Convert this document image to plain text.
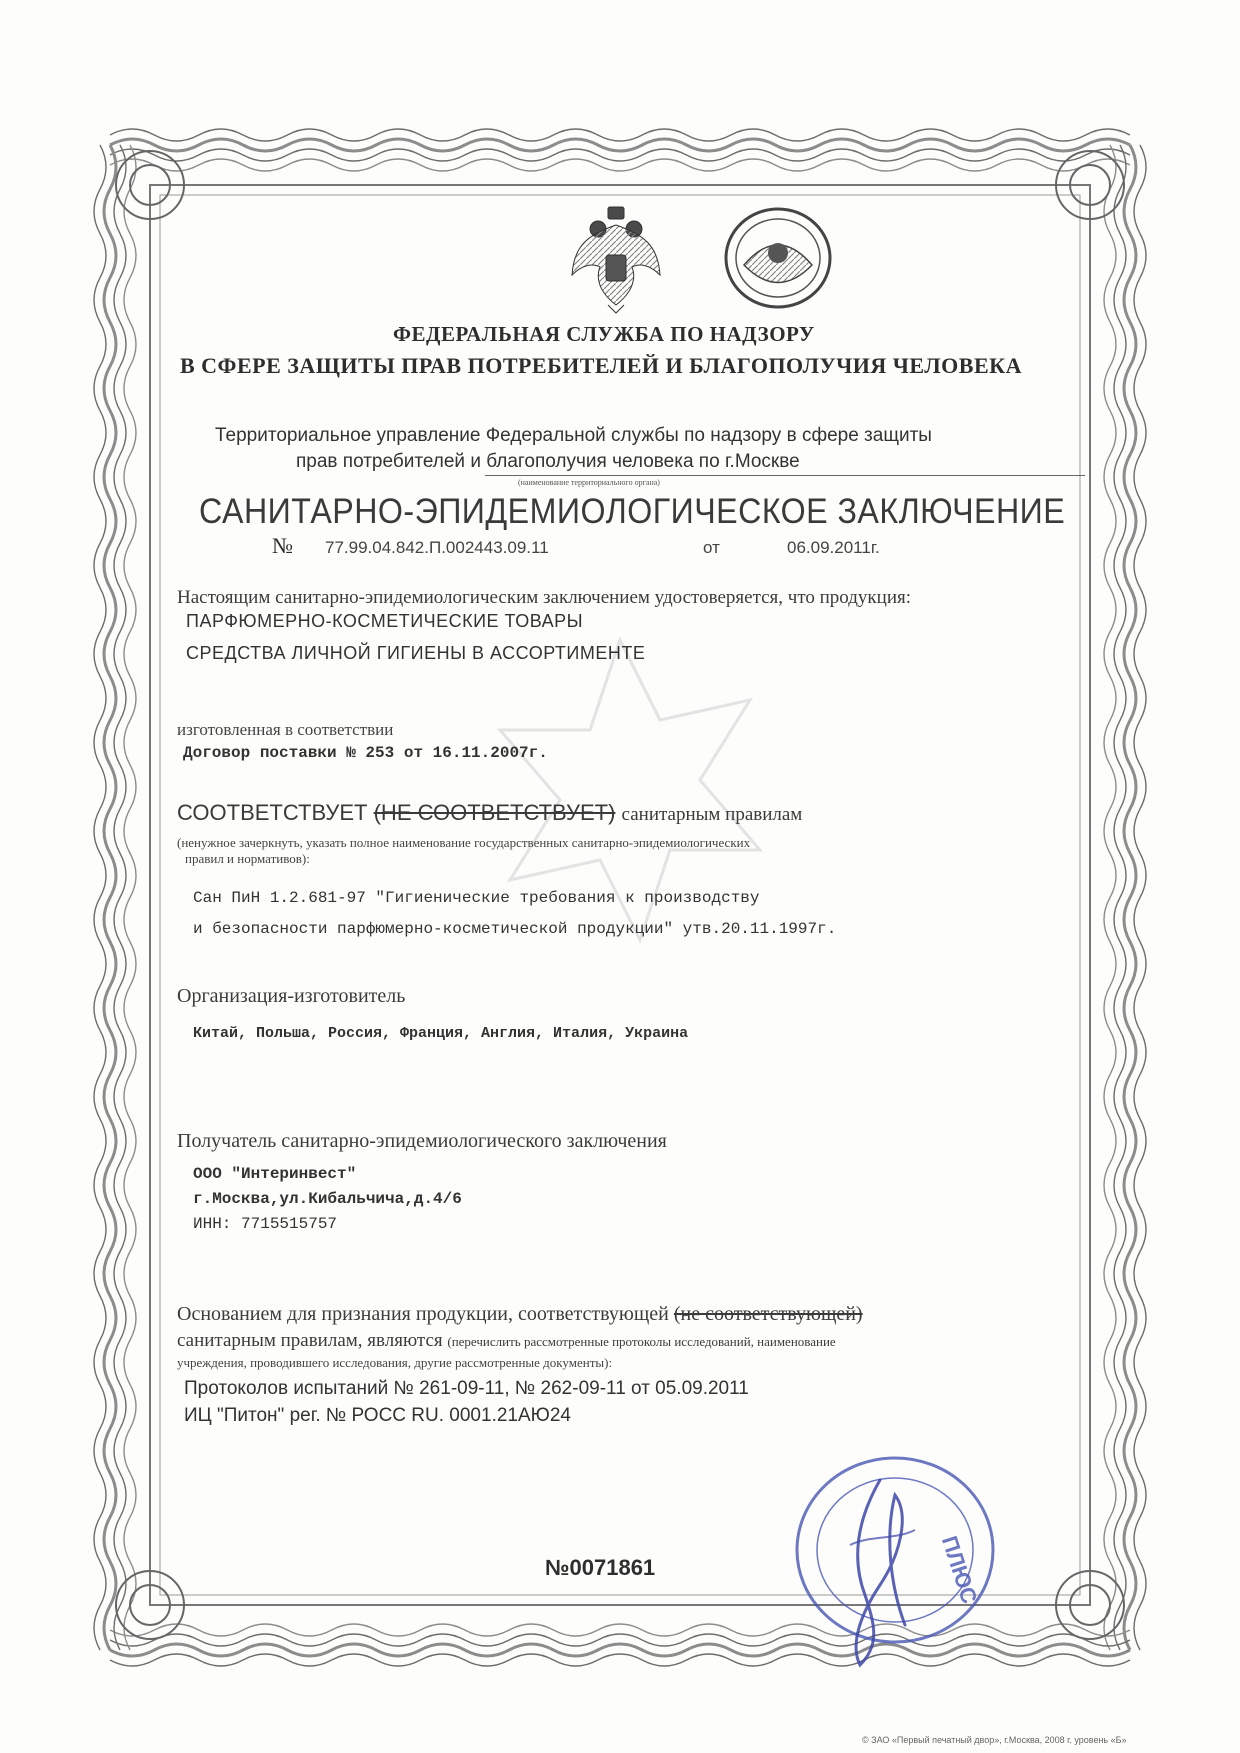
ФЕДЕРАЛЬНАЯ СЛУЖБА ПО НАДЗОРУ
В СФЕРЕ ЗАЩИТЫ ПРАВ ПОТРЕБИТЕЛЕЙ И БЛАГОПОЛУЧИЯ ЧЕЛОВЕКА
Территориальное управление Федеральной службы по надзору в сфере защиты
прав потребителей и благополучия человека по г.Москве
(наименование территориального органа)
САНИТАРНО-ЭПИДЕМИОЛОГИЧЕСКОЕ ЗАКЛЮЧЕНИЕ
№ 77.99.04.842.П.002443.09.11	от	06.09.2011г.
Настоящим санитарно-эпидемиологическим заключением удостоверяется, что продукция:
ПАРФЮМЕРНО-КОСМЕТИЧЕСКИЕ ТОВАРЫ
СРЕДСТВА ЛИЧНОЙ ГИГИЕНЫ В АССОРТИМЕНТЕ
изготовленная в соответствии
Договор поставки № 253 от 16.11.2007г.
СООТВЕТСТВУЕТ (НЕ СООТВЕТСТВУЕТ) санитарным правилам
(ненужное зачеркнуть, указать полное наименование государственных санитарно-эпидемиологических
правил и нормативов):
Сан ПиН 1.2.681-97 "Гигиенические требования к производству
и безопасности парфюмерно-косметической продукции" утв.20.11.1997г.
Организация-изготовитель
Китай, Польша, Россия, Франция, Англия, Италия, Украина
Получатель санитарно-эпидемиологического заключения
ООО "Интеринвест"
г.Москва,ул.Кибальчича,д.4/6
ИНН: 7715515757
Основанием для признания продукции, соответствующей (не соответствующей)
санитарным правилам, являются (перечислить рассмотренные протоколы исследований, наименование
учреждения, проводившего исследования, другие рассмотренные документы):
Протоколов испытаний № 261-09-11, № 262-09-11 от 05.09.2011
ИЦ "Питон" рег. № РОСС RU. 0001.21АЮ24
№0071861	ПЛЮС
© ЗАО «Первый печатный двор», г.Москва, 2008 г. уровень «Б»
